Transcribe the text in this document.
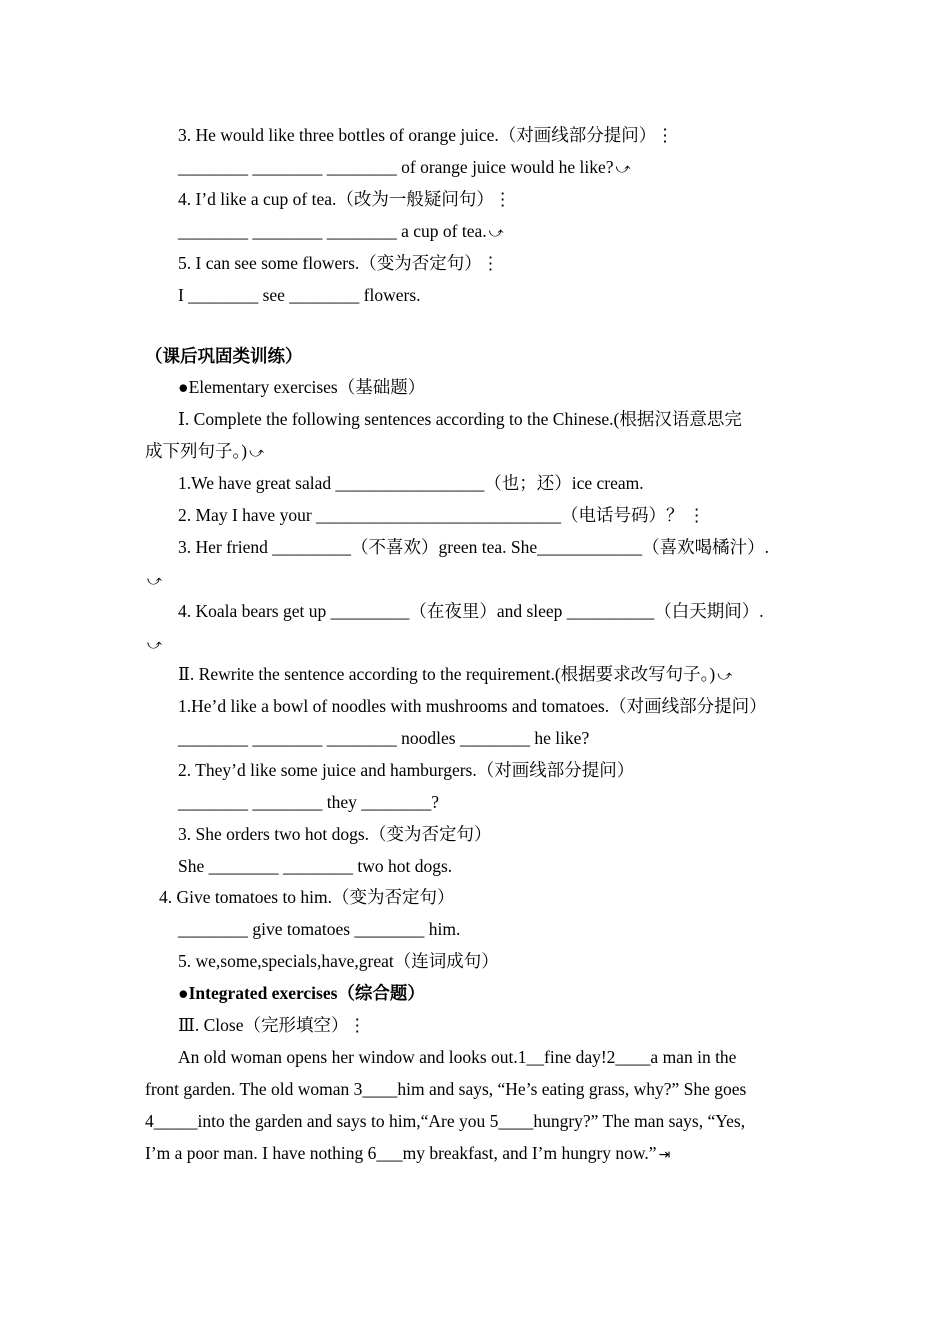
3. He would like three bottles of orange juice.（对画线部分提问）⋮
________ ________ ________ of orange juice would he like? ⤻
4. I’d like a cup of tea.（改为一般疑问句）⋮
________ ________ ________ a cup of tea. ⤻
5. I can see some flowers.（变为否定句）⋮
I ________ see ________ flowers.
（课后巩固类训练）
●Elementary exercises（基础题）
Ⅰ. Complete the following sentences according to the Chinese.(根据汉语意思完
成下列句子。) ⤻
1.We have great salad _________________（也；还）ice cream.
2. May I have your ____________________________（电话号码）？ ⋮
3. Her friend _________（不喜欢）green tea. She____________（喜欢喝橘汁）.
⤻
4. Koala bears get up _________（在夜里）and sleep __________（白天期间）.
⤻
Ⅱ. Rewrite the sentence according to the requirement.(根据要求改写句子。) ⤻
1.He’d like a bowl of noodles with mushrooms and tomatoes.（对画线部分提问）
________ ________ ________ noodles ________ he like?
2. They’d like some juice and hamburgers.（对画线部分提问）
________ ________ they ________?
3. She orders two hot dogs.（变为否定句）
She ________ ________ two hot dogs.
4. Give tomatoes to him.（变为否定句）
________ give tomatoes ________ him.
5. we,some,specials,have,great（连词成句）
●Integrated exercises（综合题）
Ⅲ. Close（完形填空）⋮
An old woman opens her window and looks out.1__fine day!2____a man in the
front garden. The old woman 3____him and says, “He’s eating grass, why?” She goes
4_____into the garden and says to him,“Are you 5____hungry?” The man says, “Yes,
I’m a poor man. I have nothing 6___my breakfast, and I’m hungry now.” ⇥
